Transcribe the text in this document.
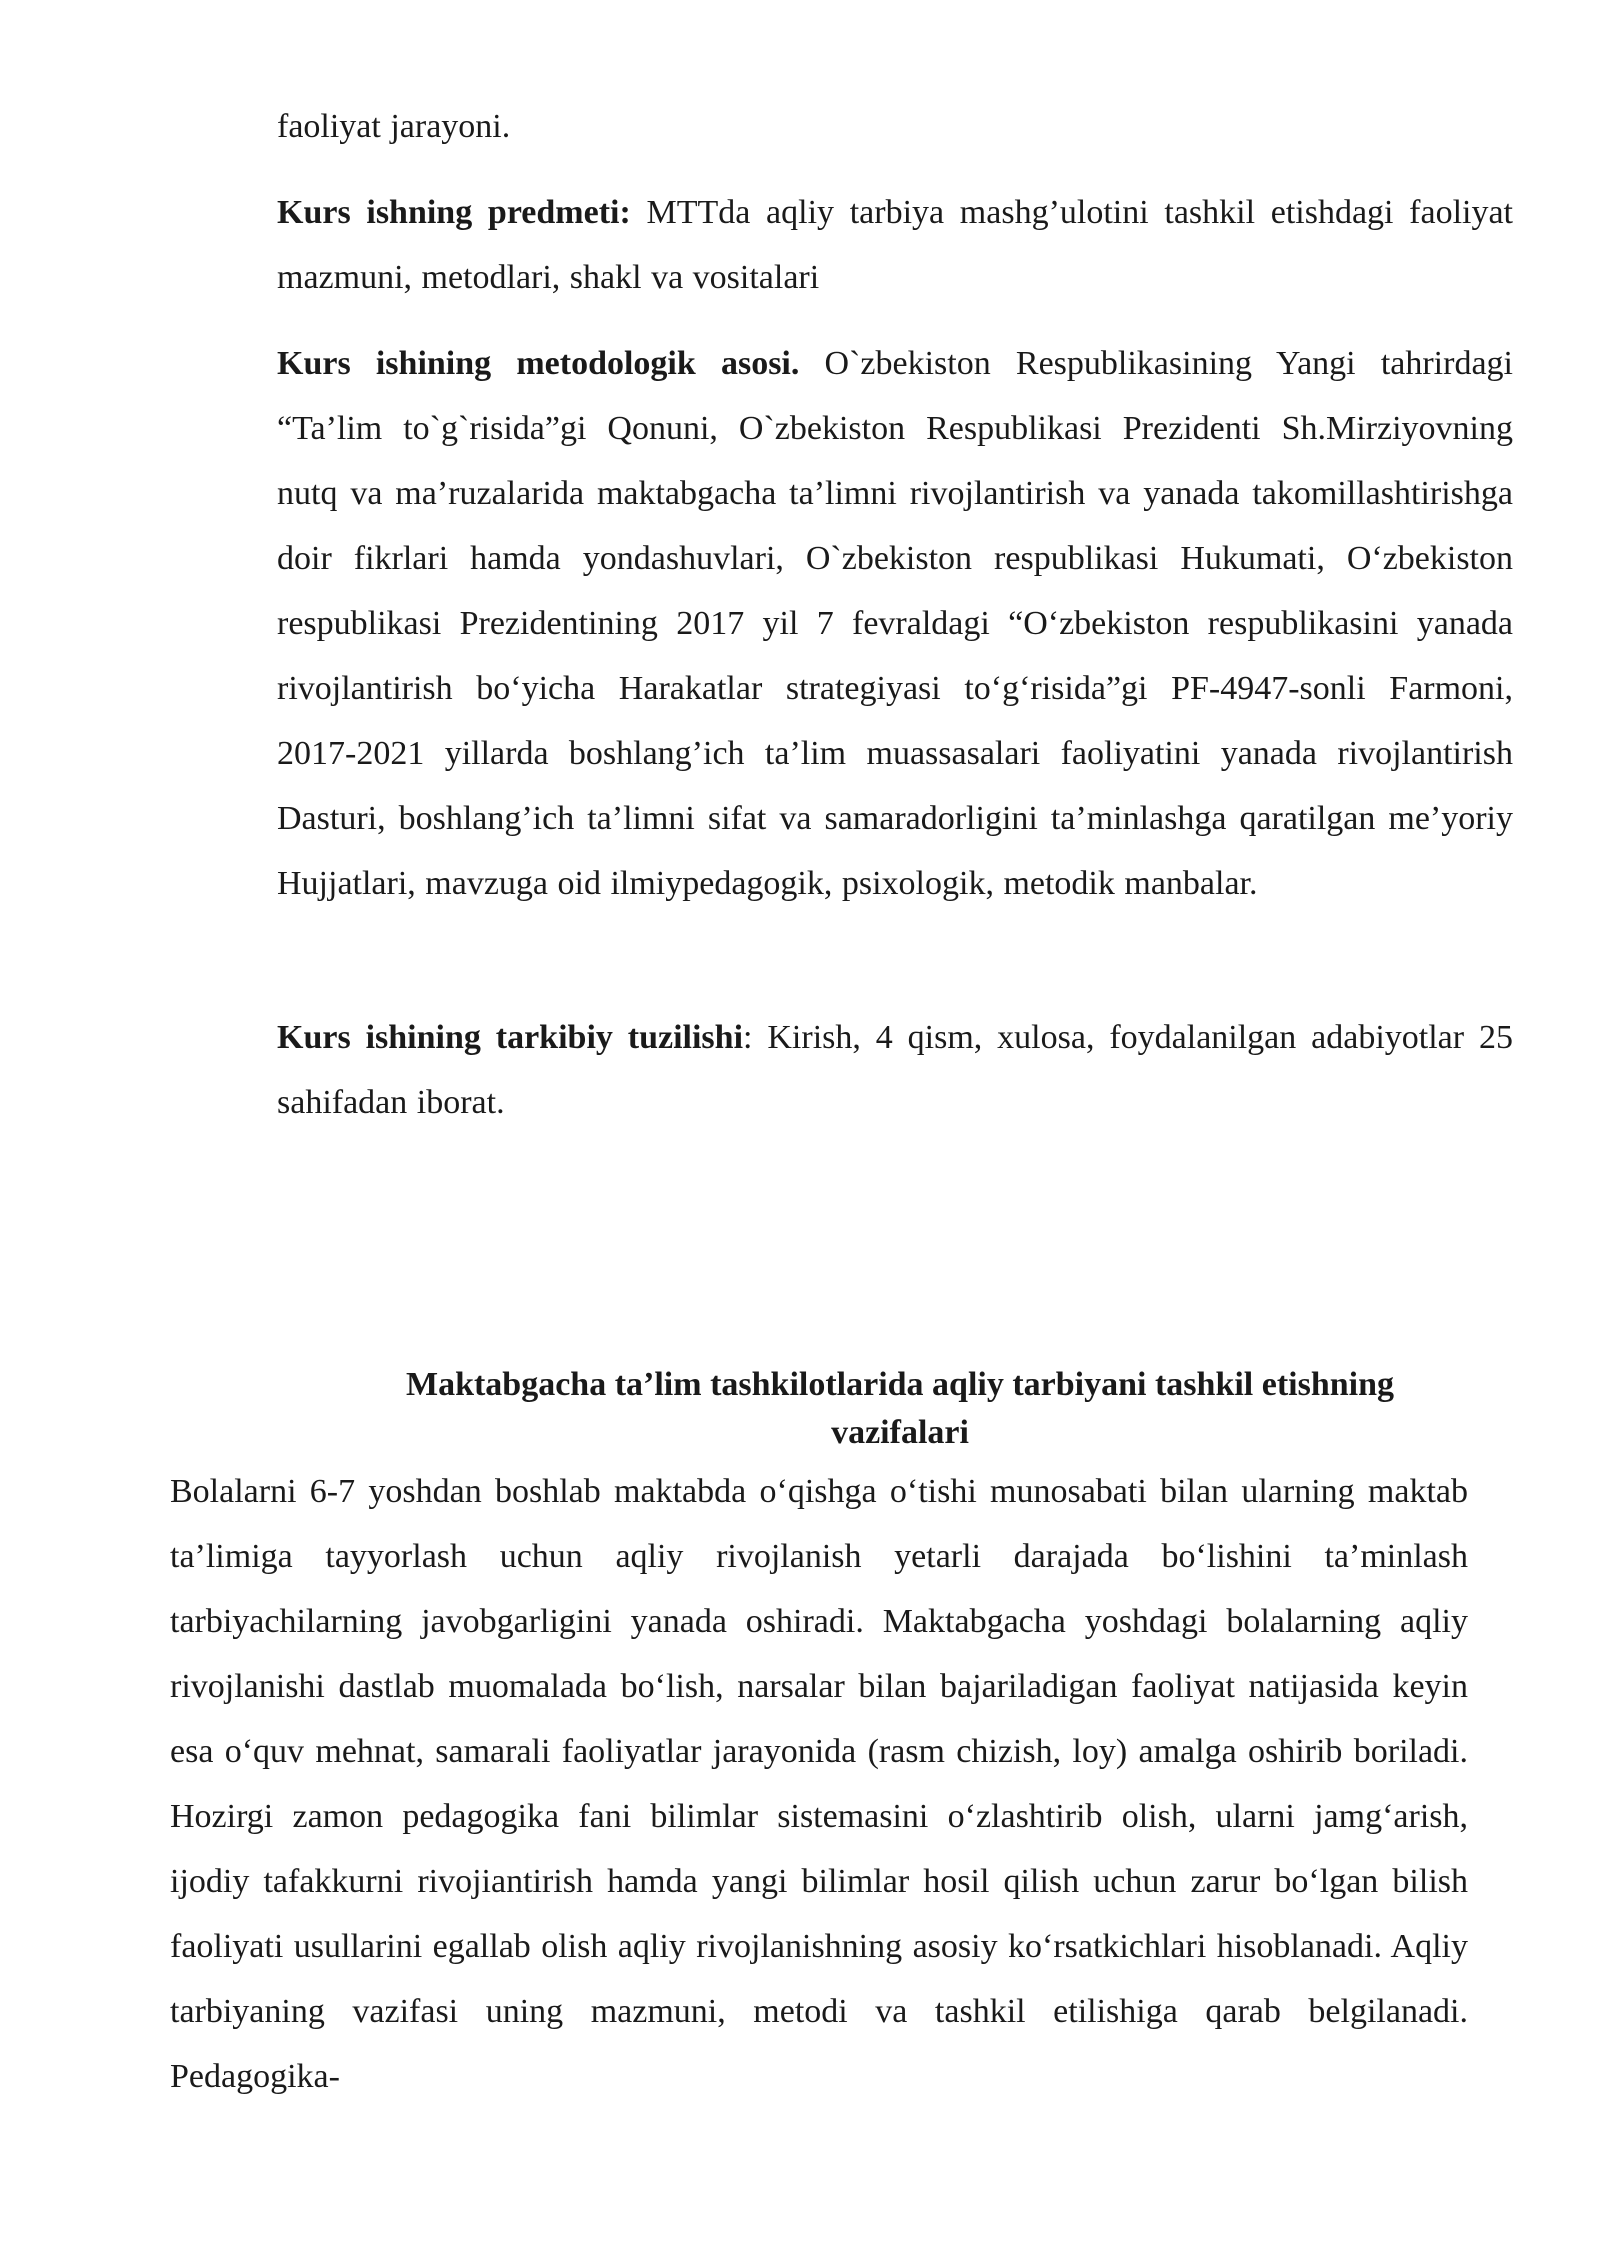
faoliyat jarayoni.

Kurs ishning predmeti: MTTda aqliy tarbiya mashg’ulotini tashkil etishdagi faoliyat mazmuni, metodlari, shakl va vositalari

Kurs ishining metodologik asosi. O`zbekiston Respublikasining Yangi tahrirdagi “Ta’lim to`g`risida”gi Qonuni, O`zbekiston Respublikasi Prezidenti Sh.Mirziyovning nutq va ma’ruzalarida maktabgacha ta’limni rivojlantirish va yanada takomillashtirishga doir fikrlari hamda yondashuvlari, O`zbekiston respublikasi Hukumati, O‘zbekiston respublikasi Prezidentining 2017 yil 7 fevraldagi “O‘zbekiston respublikasini yanada rivojlantirish bo‘yicha Harakatlar strategiyasi to‘g‘risida”gi PF-4947-sonli Farmoni, 2017-2021 yillarda boshlang’ich ta’lim muassasalari faoliyatini yanada rivojlantirish Dasturi, boshlang’ich ta’limni sifat va samaradorligini ta’minlashga qaratilgan me’yoriy Hujjatlari, mavzuga oid ilmiypedagogik, psixologik, metodik manbalar.

Kurs ishining tarkibiy tuzilishi: Kirish, 4 qism, xulosa, foydalanilgan adabiyotlar 25 sahifadan iborat.

Maktabgacha ta’lim tashkilotlarida aqliy tarbiyani tashkil etishning
vazifalari

Bolalarni 6-7 yoshdan boshlab maktabda o‘qishga o‘tishi munosabati bilan ularning maktab ta’limiga tayyorlash uchun aqliy rivojlanish yetarli darajada bo‘lishini ta’minlash tarbiyachilarning javobgarligini yanada oshiradi. Maktabgacha yoshdagi bolalarning aqliy rivojlanishi dastlab muomalada bo‘lish, narsalar bilan bajariladigan faoliyat natijasida keyin esa o‘quv mehnat, samarali faoliyatlar jarayonida (rasm chizish, loy) amalga oshirib boriladi. Hozirgi zamon pedagogika fani bilimlar sistemasini o‘zlashtirib olish, ularni jamg‘arish, ijodiy tafakkurni rivojiantirish hamda yangi bilimlar hosil qilish uchun zarur bo‘lgan bilish faoliyati usullarini egallab olish aqliy rivojlanishning asosiy ko‘rsatkichlari hisoblanadi. Aqliy tarbiyaning vazifasi uning mazmuni, metodi va tashkil etilishiga qarab belgilanadi. Pedagogika-
